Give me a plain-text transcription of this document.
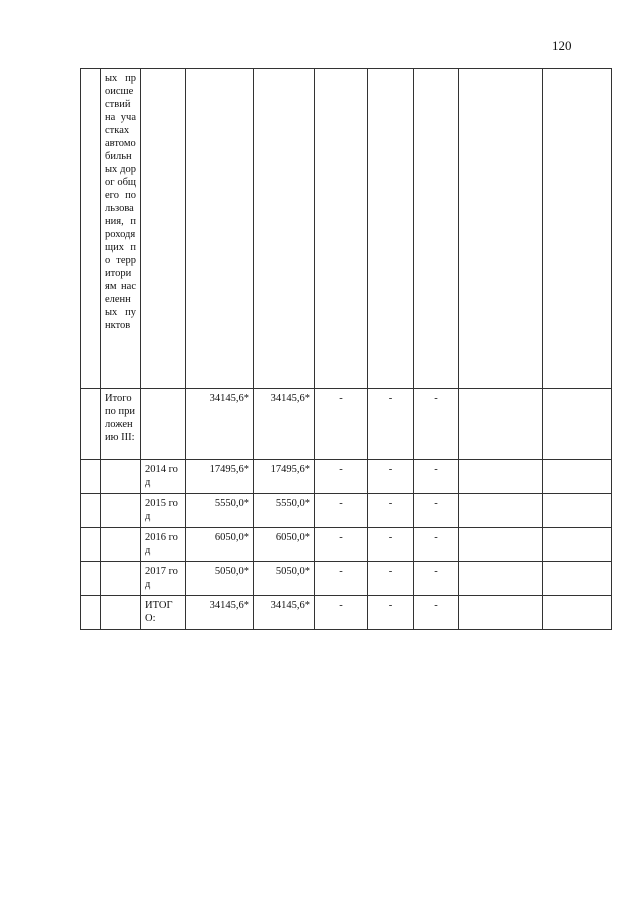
120
	ых происшествий на участках автомобильных дорог общего пользования, проходящих по территориям населенных пунктов								
	Итого по приложению III:		34145,6*	34145,6*	-	-	-		
		2014 год	17495,6*	17495,6*	-	-	-		
		2015 год	5550,0*	5550,0*	-	-	-		
		2016 год	6050,0*	6050,0*	-	-	-		
		2017 год	5050,0*	5050,0*	-	-	-		
		ИТОГО:	34145,6*	34145,6*	-	-	-		
